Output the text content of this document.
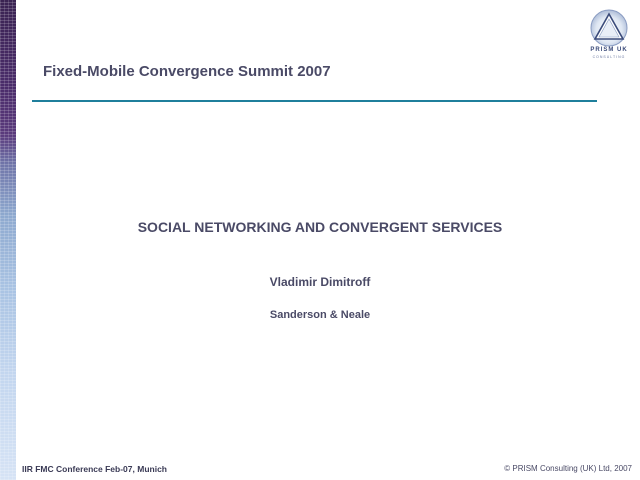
PRISM UK
CONSULTING
Fixed-Mobile Convergence Summit 2007
SOCIAL NETWORKING AND CONVERGENT SERVICES
Vladimir Dimitroff
Sanderson & Neale
IIR FMC Conference Feb-07, Munich	© PRISM Consulting (UK) Ltd, 2007
